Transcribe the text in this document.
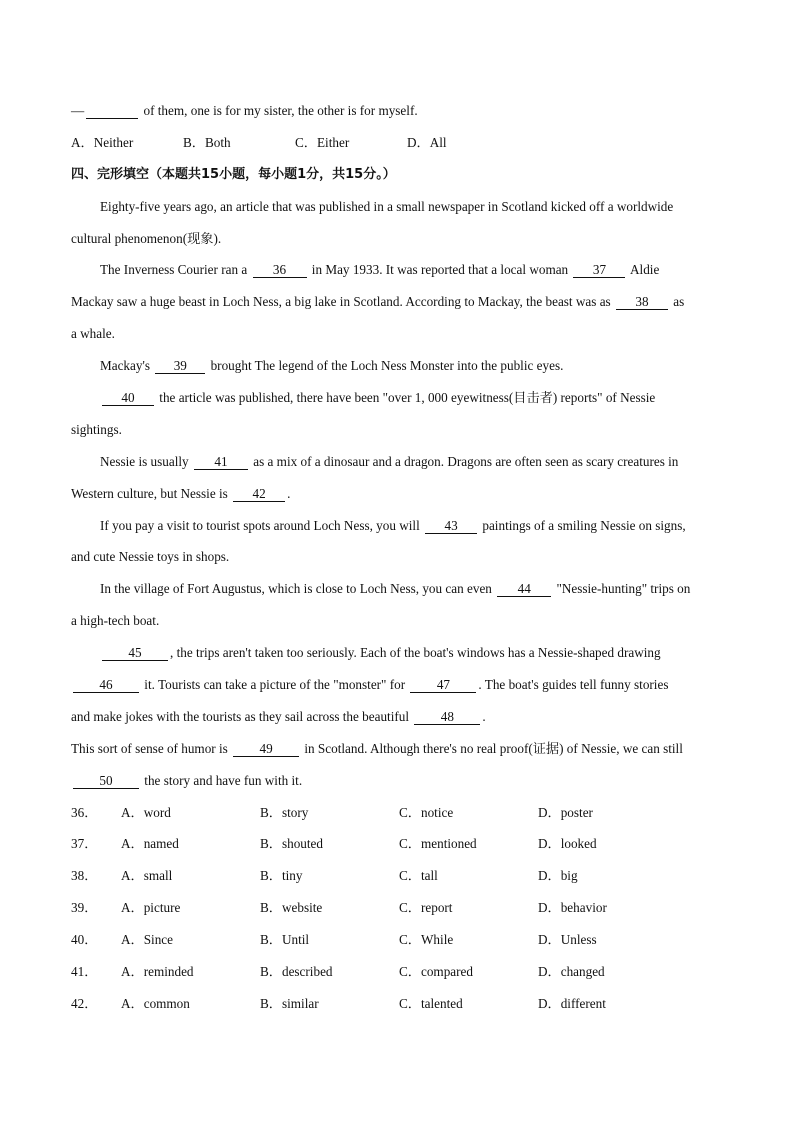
—	of them, one is for my sister, the other is for myself.
A．Neither	B．Both	C．Either	D．All
四、完形填空（本题共15小题，每小题1分，共15分。）
Eighty-five years ago, an article that was published in a small newspaper in Scotland kicked off a worldwide
cultural phenomenon(现象).
The Inverness Courier ran a 36 in May 1933. It was reported that a local woman 37 Aldie
Mackay saw a huge beast in Loch Ness, a big lake in Scotland. According to Mackay, the beast was as 38 as
a whale.
Mackay's 39 brought The legend of the Loch Ness Monster into the public eyes.
40 the article was published, there have been "over 1, 000 eyewitness(目击者) reports" of Nessie
sightings.
Nessie is usually 41 as a mix of a dinosaur and a dragon. Dragons are often seen as scary creatures in
Western culture, but Nessie is 42 .
If you pay a visit to tourist spots around Loch Ness, you will 43 paintings of a smiling Nessie on signs,
and cute Nessie toys in shops.
In the village of Fort Augustus, which is close to Loch Ness, you can even 44 "Nessie-hunting" trips on
a high-tech boat.
45 , the trips aren't taken too seriously. Each of the boat's windows has a Nessie-shaped drawing
46 it. Tourists can take a picture of the "monster" for 47 . The boat's guides tell funny stories
and make jokes with the tourists as they sail across the beautiful 48 .
This sort of sense of humor is 49 in Scotland. Although there's no real proof(证据) of Nessie, we can still
50 the story and have fun with it.
36．	A．word	B．story	C．notice	D．poster
37．	A．named	B．shouted	C．mentioned	D．looked
38．	A．small	B．tiny	C．tall	D．big
39．	A．picture	B．website	C．report	D．behavior
40．	A．Since	B．Until	C．While	D．Unless
41．	A．reminded	B．described	C．compared	D．changed
42．	A．common	B．similar	C．talented	D．different
